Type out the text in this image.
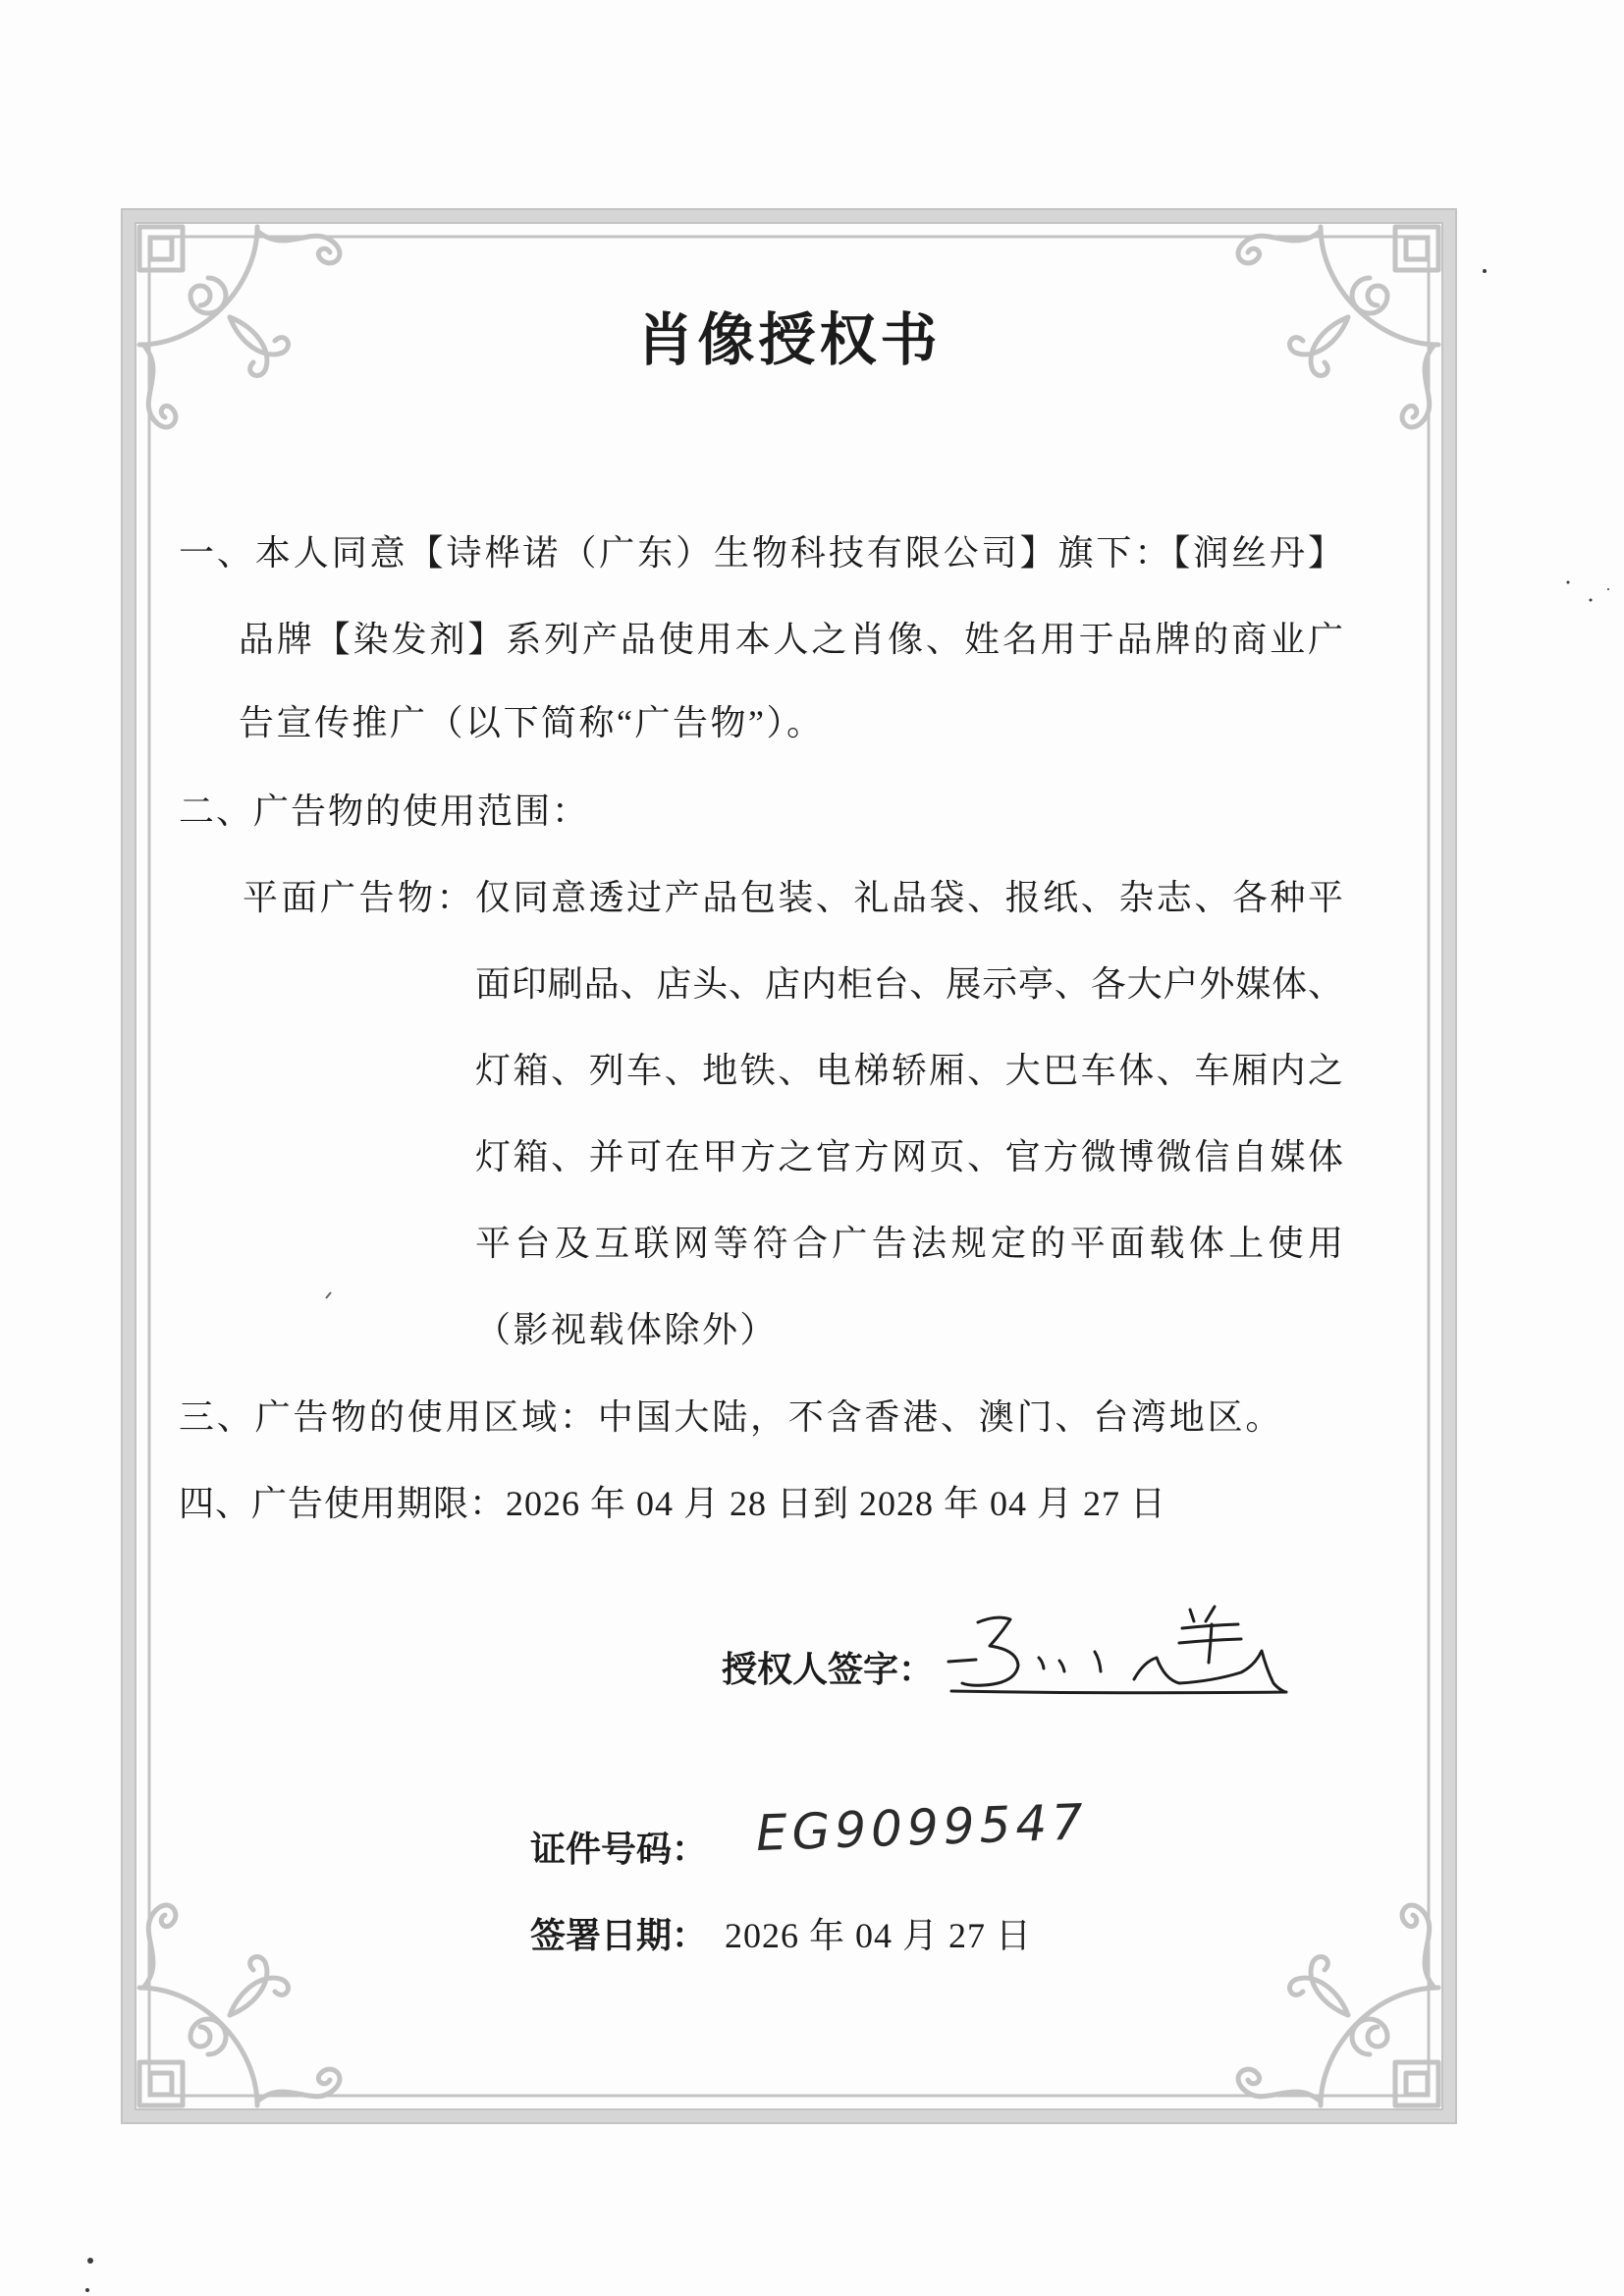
肖像授权书
一、本人同意【诗桦诺（广东）生物科技有限公司】旗下：【润丝丹】
品牌【染发剂】系列产品使用本人之肖像、姓名用于品牌的商业广
告宣传推广（以下简称“广告物”）。
二、广告物的使用范围：
平面广告物： 仅同意透过产品包装、礼品袋、报纸、杂志、各种平
面印刷品、店头、店内柜台、展示亭、各大户外媒体、
灯箱、列车、地铁、电梯轿厢、大巴车体、车厢内之
灯箱、并可在甲方之官方网页、官方微博微信自媒体
平台及互联网等符合广告法规定的平面载体上使用
（影视载体除外）
三、广告物的使用区域：中国大陆，不含香港、澳门、台湾地区。
四、广告使用期限：2026 年 04 月 28 日到 2028 年 04 月 27 日
授权人签字：
证件号码： EG9099547
签署日期： 2026 年 04 月 27 日
